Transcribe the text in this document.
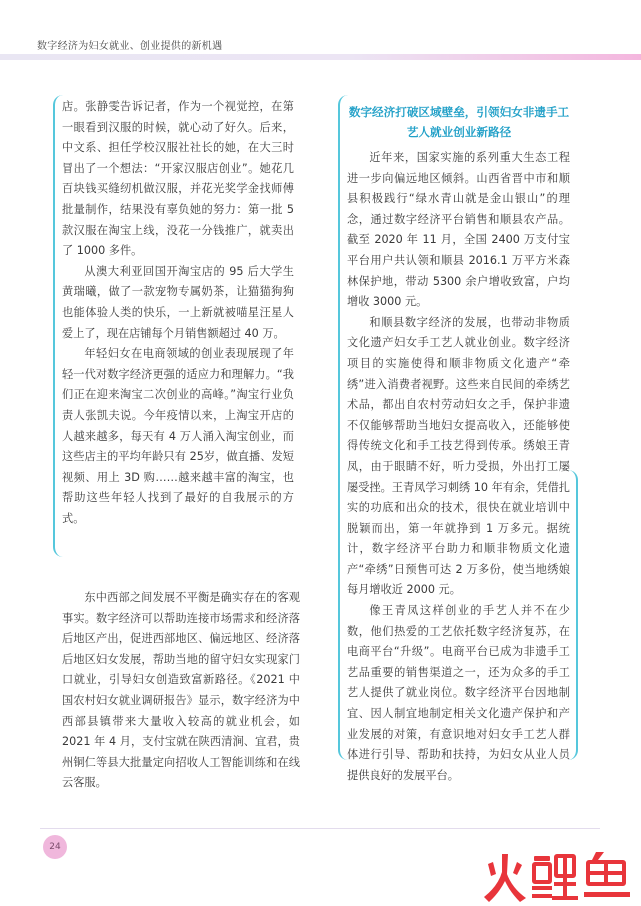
数字经济为妇女就业、创业提供的新机遇

店。张静雯告诉记者，作为一个视觉控，在第一眼看到汉服的时候，就心动了好久。后来，中文系、担任学校汉服社社长的她，在大三时冒出了一个想法：“开家汉服店创业”。她花几百块钱买缝纫机做汉服，并花光奖学金找师傅批量制作，结果没有辜负她的努力：第一批 5 款汉服在淘宝上线，没花一分钱推广，就卖出了 1000 多件。

从澳大利亚回国开淘宝店的 95 后大学生黄瑞曦，做了一款宠物专属奶茶，让猫猫狗狗也能体验人类的快乐，一上新就被喵星汪星人爱上了，现在店铺每个月销售额超过 40 万。

年轻妇女在电商领域的创业表现展现了年轻一代对数字经济更强的适应力和理解力。“我们正在迎来淘宝二次创业的高峰。”淘宝行业负责人张凯夫说。今年疫情以来，上淘宝开店的人越来越多，每天有 4 万人涌入淘宝创业，而这些店主的平均年龄只有 25岁，做直播、发短视频、用上 3D 购……越来越丰富的淘宝，也帮助这些年轻人找到了最好的自我展示的方式。

东中西部之间发展不平衡是确实存在的客观事实。数字经济可以帮助连接市场需求和经济落后地区产出，促进西部地区、偏远地区、经济落后地区妇女发展，帮助当地的留守妇女实现家门口就业，引导妇女创造致富新路径。《2021 中国农村妇女就业调研报告》显示，数字经济为中西部县镇带来大量收入较高的就业机会，如 2021 年 4 月，支付宝就在陕西清涧、宜君，贵州铜仁等县大批量定向招收人工智能训练和在线云客服。

数字经济打破区域壁垒，引领妇女非遗手工艺人就业创业新路径

近年来，国家实施的系列重大生态工程进一步向偏远地区倾斜。山西省晋中市和顺县积极践行“绿水青山就是金山银山”的理念，通过数字经济平台销售和顺县农产品。截至 2020 年 11 月，全国 2400 万支付宝平台用户共认领和顺县 2016.1 万平方米森林保护地，带动 5300 余户增收致富，户均增收 3000 元。

和顺县数字经济的发展，也带动非物质文化遗产妇女手工艺人就业创业。数字经济项目的实施使得和顺非物质文化遗产“牵绣”进入消费者视野。这些来自民间的牵绣艺术品，都出自农村劳动妇女之手，保护非遗不仅能够帮助当地妇女提高收入，还能够使得传统文化和手工技艺得到传承。绣娘王青凤，由于眼睛不好，听力受损，外出打工屡屡受挫。王青凤学习刺绣 10 年有余，凭借扎实的功底和出众的技术，很快在就业培训中脱颖而出，第一年就挣到 1 万多元。据统计，数字经济平台助力和顺非物质文化遗产“牵绣”日预售可达 2 万多份，使当地绣娘每月增收近 2000 元。

像王青凤这样创业的手艺人并不在少数，他们热爱的工艺依托数字经济复苏，在电商平台“升级”。电商平台已成为非遗手工艺品重要的销售渠道之一，还为众多的手工艺人提供了就业岗位。数字经济平台因地制宜、因人制宜地制定相关文化遗产保护和产业发展的对策，有意识地对妇女手工艺人群体进行引导、帮助和扶持，为妇女从业人员提供良好的发展平台。

24
